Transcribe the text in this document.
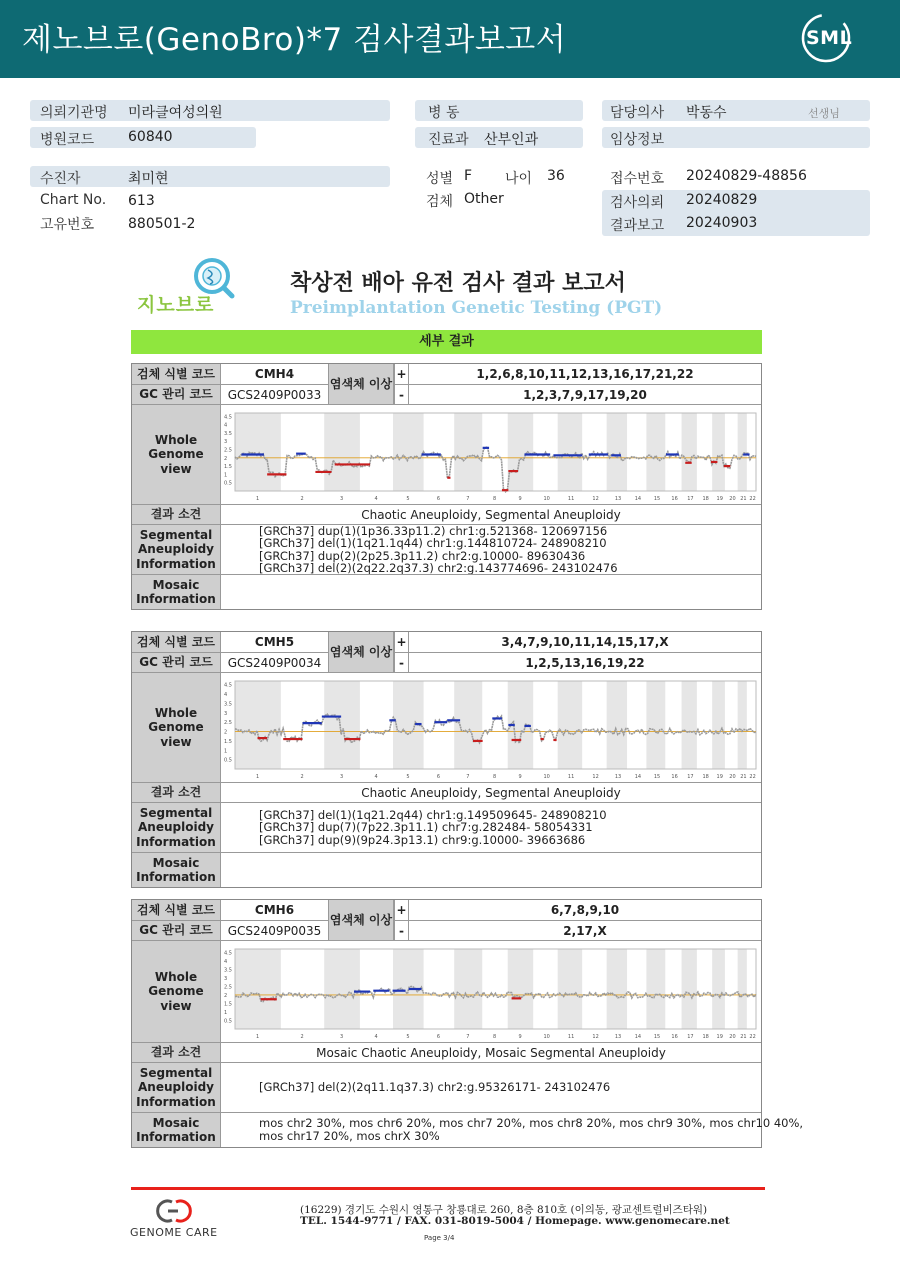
제노브로(GenoBro)*7 검사결과보고서	SML
의뢰기관명 미라클여성의원
병원코드 60840
병 동
진료과 산부인과
담당의사 박동수	선생님
임상정보
수진자	최미현
Chart No. 613
고유번호 880501-2
성별 F 나이 36
검체 Other
접수번호 20240829-48856
검사의뢰 20240829
결과보고 20240903
지노브로
착상전 배아 유전 검사 결과 보고서
Preimplantation Genetic Testing (PGT)
세부 결과
검체 식별 코드	CMH4	+	1,2,6,8,10,11,12,13,16,17,21,22
GC 관리 코드	GCS2409P0033	-	1,2,3,7,9,17,19,20
염색체 이상
Whole Genome view
4.5
4
3.5
3
2.5
2
1.5
1
0.5
1	2	3	4	5	6	7	8	9	10	11	12	13	14	15 16 17 18 19 20 21 22
결과 소견	Chaotic Aneuploidy, Segmental Aneuploidy
Segmental Aneuploidy Information
[GRCh37] dup(1)(1p36.33p11.2) chr1:g.521368- 120697156
[GRCh37] del(1)(1q21.1q44) chr1:g.144810724- 248908210
[GRCh37] dup(2)(2p25.3p11.2) chr2:g.10000- 89630436
[GRCh37] del(2)(2q22.2q37.3) chr2:g.143774696- 243102476
Mosaic Information
검체 식별 코드	CMH5	+	3,4,7,9,10,11,14,15,17,X
GC 관리 코드	GCS2409P0034	-	1,2,5,13,16,19,22
염색체 이상
Whole Genome view
4.5
4
3.5
3
2.5
2
1.5
1
0.5
1	2	3	4	5	6	7	8	9	10	11	12	13	14	15 16 17 18 19 20 21 22
결과 소견	Chaotic Aneuploidy, Segmental Aneuploidy
Segmental Aneuploidy Information
[GRCh37] del(1)(1q21.2q44) chr1:g.149509645- 248908210
[GRCh37] dup(7)(7p22.3p11.1) chr7:g.282484- 58054331
[GRCh37] dup(9)(9p24.3p13.1) chr9:g.10000- 39663686
Mosaic Information
검체 식별 코드	CMH6	+	6,7,8,9,10
GC 관리 코드	GCS2409P0035	-	2,17,X
염색체 이상
Whole Genome view
4.5
4
3.5
3
2.5
2
1.5
1
0.5
1	2	3	4	5	6	7	8	9	10	11	12	13	14	15 16 17 18 19 20 21 22
결과 소견	Mosaic Chaotic Aneuploidy, Mosaic Segmental Aneuploidy
Segmental Aneuploidy Information
[GRCh37] del(2)(2q11.1q37.3) chr2:g.95326171- 243102476
Mosaic Information
mos chr2 30%, mos chr6 20%, mos chr7 20%, mos chr8 20%, mos chr9 30%, mos chr10 40%,
mos chr17 20%, mos chrX 30%
GENOME CARE
(16229) 경기도 수원시 영통구 창룡대로 260, 8층 810호 (이의동, 광교센트럴비즈타워)
TEL. 1544-9771 / FAX. 031-8019-5004 / Homepage. www.genomecare.net
Page 3/4
